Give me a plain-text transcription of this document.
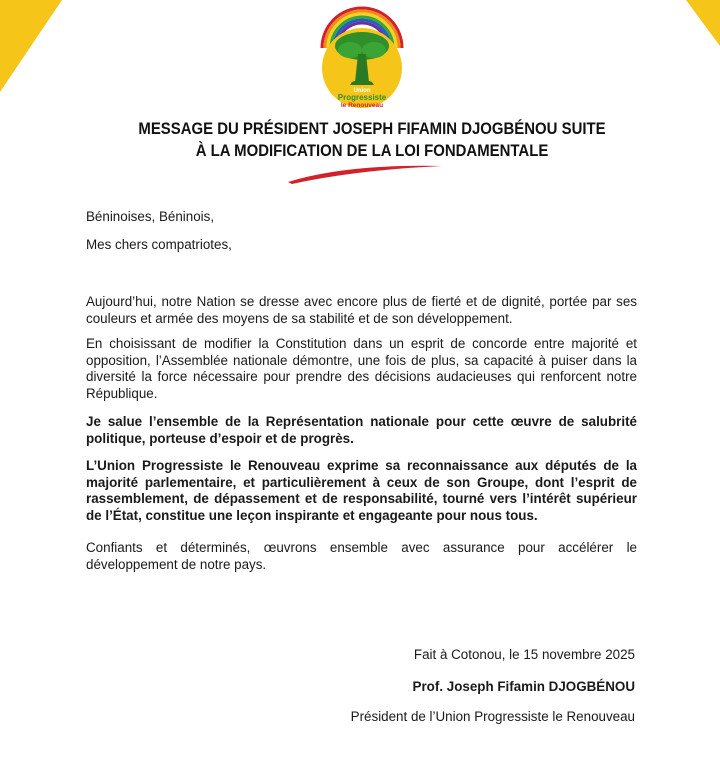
Union
Progressiste
le Renouveau
MESSAGE DU PRÉSIDENT JOSEPH FIFAMIN DJOGBÉNOU SUITE
À LA MODIFICATION DE LA LOI FONDAMENTALE
Béninoises, Béninois,
Mes chers compatriotes,
Aujourd’hui, notre Nation se dresse avec encore plus de fierté et de dignité, portée par ses couleurs et armée des moyens de sa stabilité et de son développement.
En choisissant de modifier la Constitution dans un esprit de concorde entre majorité et opposition, l’Assemblée nationale démontre, une fois de plus, sa capacité à puiser dans la diversité la force nécessaire pour prendre des décisions audacieuses qui renforcent notre République.
Je salue l’ensemble de la Représentation nationale pour cette œuvre de salubrité politique, porteuse d’espoir et de progrès.
L’Union Progressiste le Renouveau exprime sa reconnaissance aux députés de la majorité parlementaire, et particulièrement à ceux de son Groupe, dont l’esprit de rassemblement, de dépassement et de responsabilité, tourné vers l’intérêt supérieur de l’État, constitue une leçon inspirante et engageante pour nous tous.
Confiants et déterminés, œuvrons ensemble avec assurance pour accélérer le développement de notre pays.
Fait à Cotonou, le 15 novembre 2025
Prof. Joseph Fifamin DJOGBÉNOU
Président de l’Union Progressiste le Renouveau
